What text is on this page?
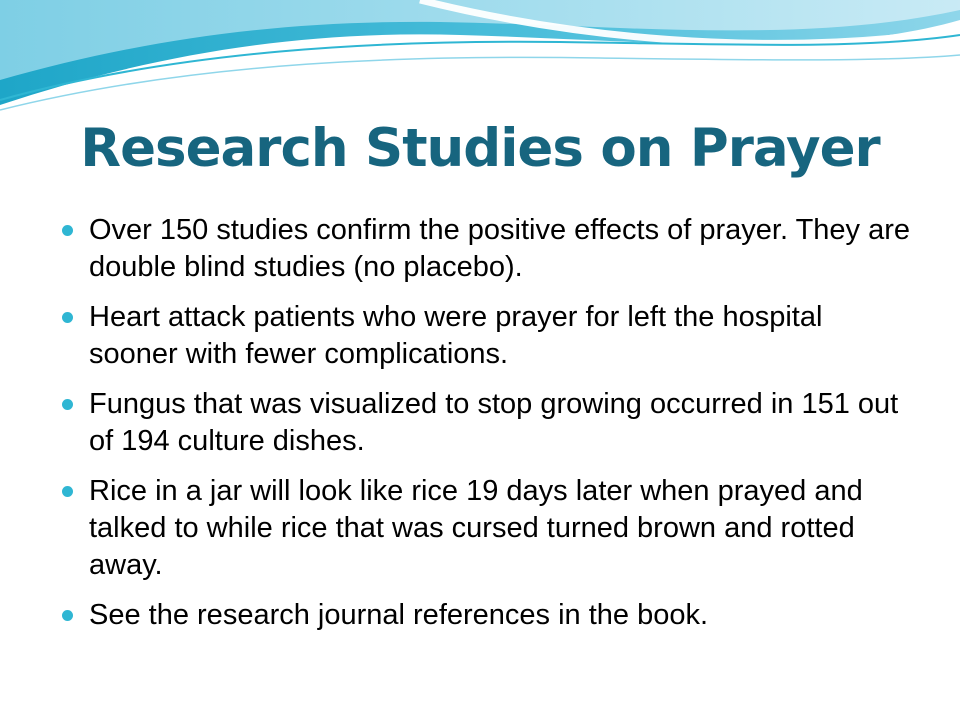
Research Studies on Prayer
Over 150 studies confirm the positive effects of prayer. They are double blind studies (no placebo).
Heart attack patients who were prayer for left the hospital sooner with fewer complications.
Fungus that was visualized to stop growing occurred in 151 out of 194 culture dishes.
Rice in a jar will look like rice 19 days later when prayed and talked to while rice that was cursed turned brown and rotted away.
See the research journal references in the book.
